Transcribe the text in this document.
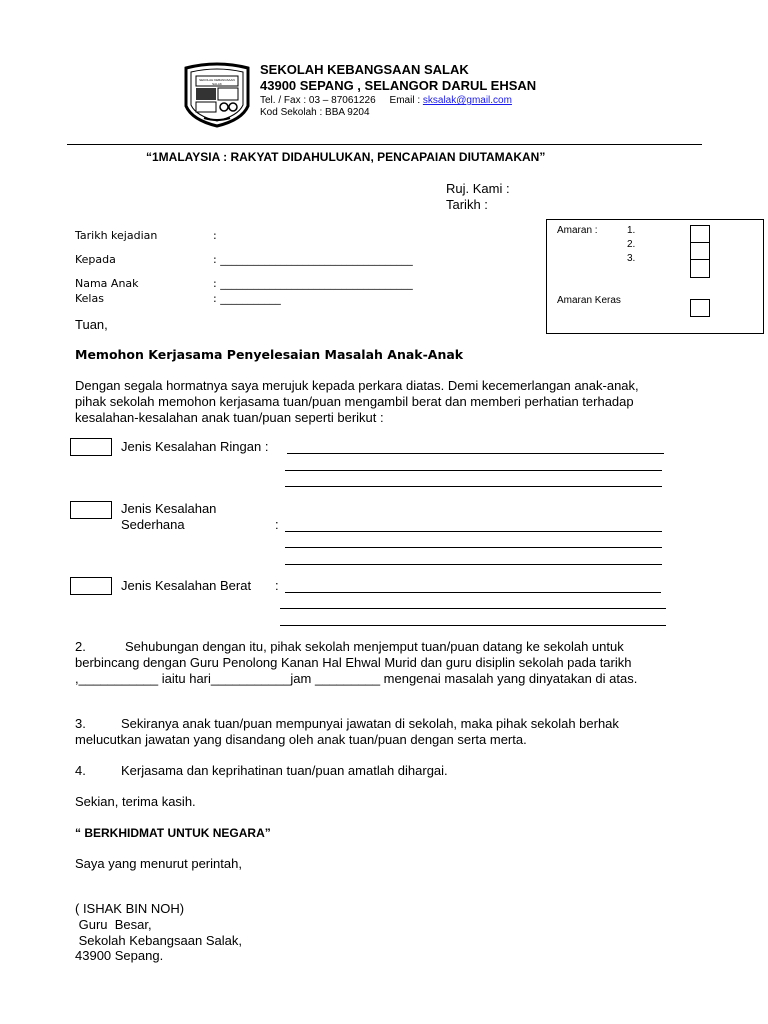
SEKOLAH KEBANGSAAN SALAK
SEKOLAH KEBANGSAAN SALAK
43900 SEPANG , SELANGOR DARUL EHSAN
Tel. / Fax : 03 – 87061226 Email : sksalak@gmail.com
Kod Sekolah : BBA 9204
“1MALAYSIA : RAKYAT DIDAHULUKAN, PENCAPAIAN DIUTAMAKAN”
Ruj. Kami :
Tarikh :
Tarikh kejadian	:
Kepada	: ___________________________________
Nama Anak	: ___________________________________
Kelas	: ___________
Amaran :	1.
2.
3.
Amaran Keras
Tuan,
Memohon Kerjasama Penyelesaian Masalah Anak-Anak
Dengan segala hormatnya saya merujuk kepada perkara diatas. Demi kecemerlangan anak-anak,
pihak sekolah memohon kerjasama tuan/puan mengambil berat dan memberi perhatian terhadap
kesalahan-kesalahan anak tuan/puan seperti berikut :
Jenis Kesalahan Ringan :
Jenis Kesalahan
Sederhana	:
Jenis Kesalahan Berat :
2.	Sehubungan dengan itu, pihak sekolah menjemput tuan/puan datang ke sekolah untuk
berbincang dengan Guru Penolong Kanan Hal Ehwal Murid dan guru disiplin sekolah pada tarikh
,___________ iaitu hari___________jam _________ mengenai masalah yang dinyatakan di atas.
3.	Sekiranya anak tuan/puan mempunyai jawatan di sekolah, maka pihak sekolah berhak
melucutkan jawatan yang disandang oleh anak tuan/puan dengan serta merta.
4.	Kerjasama dan keprihatinan tuan/puan amatlah dihargai.
Sekian, terima kasih.
“ BERKHIDMAT UNTUK NEGARA”
Saya yang menurut perintah,
( ISHAK BIN NOH)
Guru  Besar,
Sekolah Kebangsaan Salak,
43900 Sepang.
